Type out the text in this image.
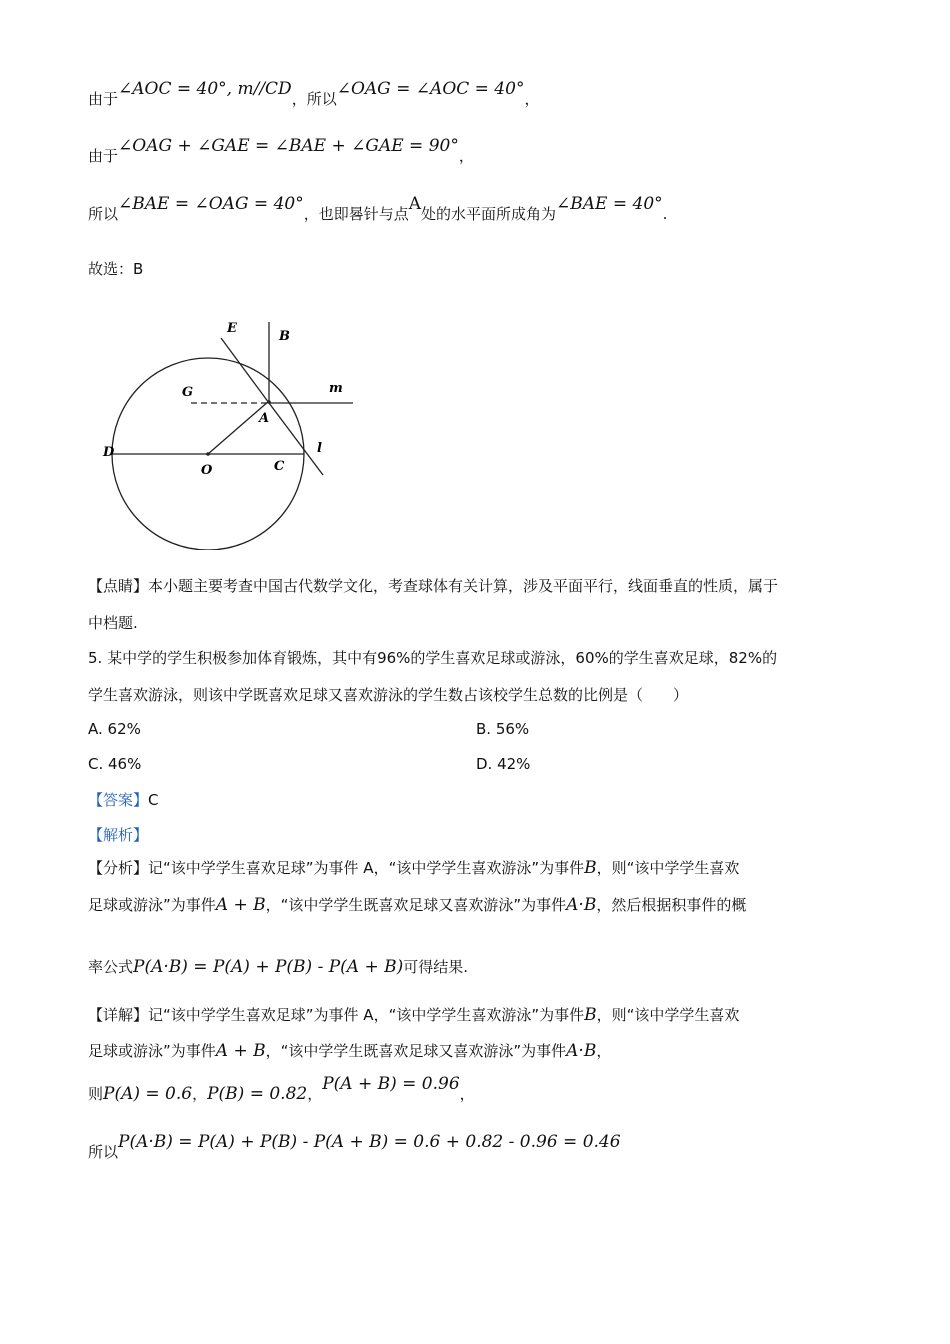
由于∠AOC = 40°, m//CD，所以∠OAG = ∠AOC = 40°，
由于∠OAG + ∠GAE = ∠BAE + ∠GAE = 90°，
所以∠BAE = ∠OAG = 40°，也即晷针与点A处的水平面所成角为∠BAE = 40°.
故选：B
E
B
m
G
A
D
O	C
l
【点睛】本小题主要考查中国古代数学文化，考查球体有关计算，涉及平面平行，线面垂直的性质，属于
中档题.
5. 某中学的学生积极参加体育锻炼，其中有96%的学生喜欢足球或游泳，60%的学生喜欢足球，82%的
学生喜欢游泳，则该中学既喜欢足球又喜欢游泳的学生数占该校学生总数的比例是（　　）
A. 62%	B. 56%
C. 46%	D. 42%
【答案】C
【解析】
【分析】记“该中学学生喜欢足球”为事件 A，“该中学学生喜欢游泳”为事件B，则“该中学学生喜欢
足球或游泳”为事件A + B，“该中学学生既喜欢足球又喜欢游泳”为事件A·B，然后根据积事件的概
率公式P(A·B) = P(A) + P(B) - P(A + B)可得结果.
【详解】记“该中学学生喜欢足球”为事件 A，“该中学学生喜欢游泳”为事件B，则“该中学学生喜欢
足球或游泳”为事件A + B，“该中学学生既喜欢足球又喜欢游泳”为事件A·B，
则P(A) = 0.6，P(B) = 0.82，P(A + B) = 0.96，
所以P(A·B) = P(A) + P(B) - P(A + B) = 0.6 + 0.82 - 0.96 = 0.46
